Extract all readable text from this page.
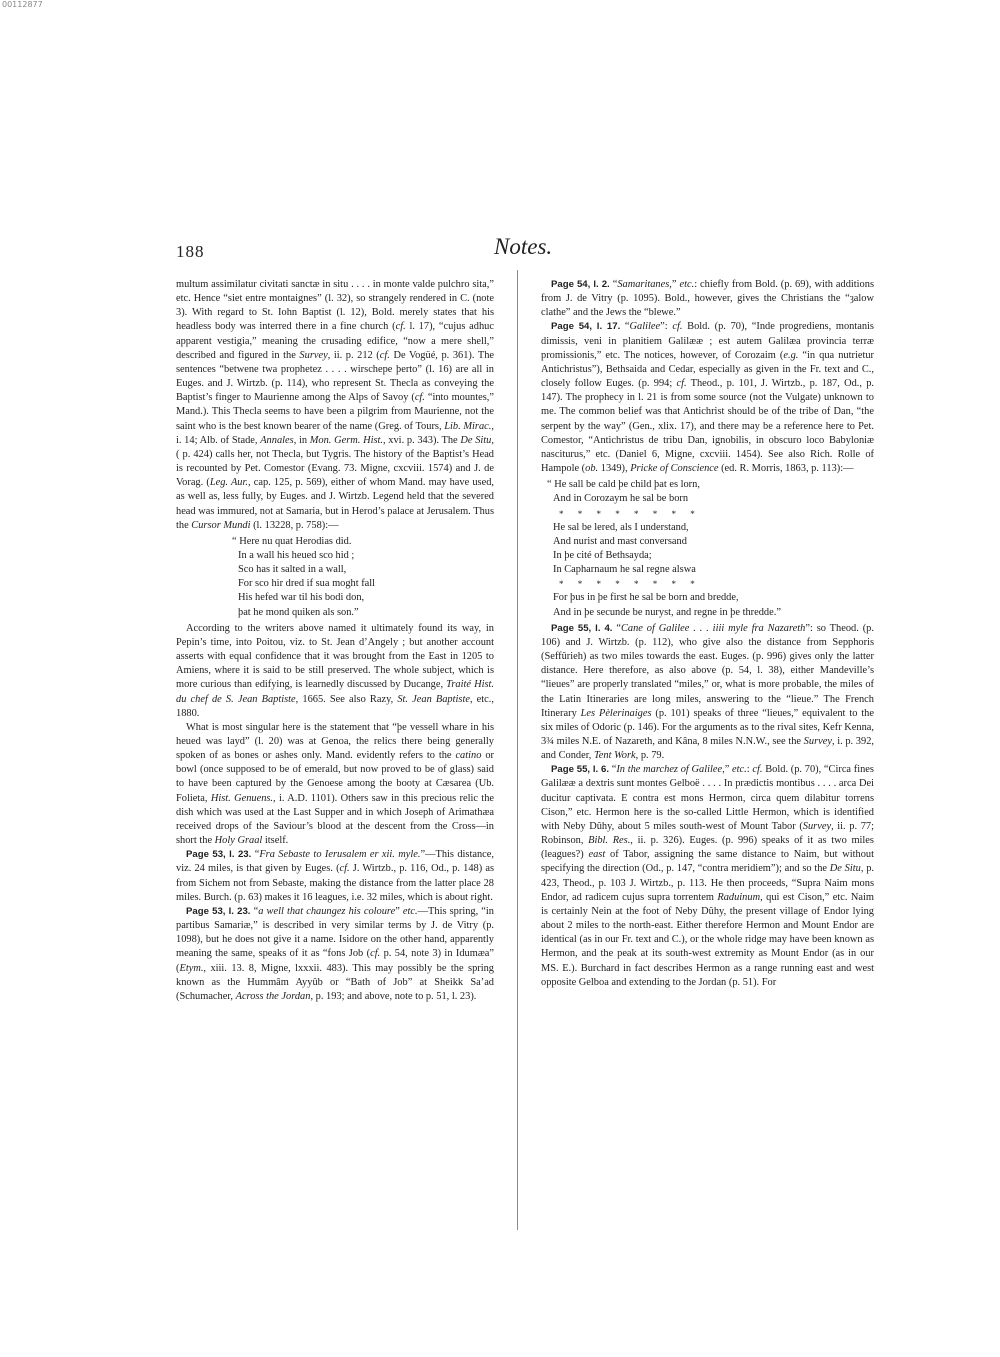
00112877
188	Notes.

multum assimilatur civitati sanctæ in situ . . . . in monte valde pulchro sita,” etc. Hence “siet entre montaignes” (l. 32), so strangely rendered in C. (note 3). With regard to St. Iohn Baptist (l. 12), Bold. merely states that his headless body was interred there in a fine church (cf. l. 17), “cujus adhuc apparent vestigia,” meaning the crusading edifice, “now a mere shell,” described and figured in the Survey, ii. p. 212 (cf. De Vogüé, p. 361). The sentences “betwene twa prophetez . . . . wirschepe þerto” (l. 16) are all in Euges. and J. Wirtzb. (p. 114), who represent St. Thecla as conveying the Baptist’s finger to Maurienne among the Alps of Savoy (cf. “into mountes,” Mand.). This Thecla seems to have been a pilgrim from Maurienne, not the saint who is the best known bearer of the name (Greg. of Tours, Lib. Mirac., i. 14; Alb. of Stade, Annales, in Mon. Germ. Hist., xvi. p. 343). The De Situ, ( p. 424) calls her, not Thecla, but Tygris. The history of the Baptist’s Head is recounted by Pet. Comestor (Evang. 73. Migne, cxcviii. 1574) and J. de Vorag. (Leg. Aur., cap. 125, p. 569), either of whom Mand. may have used, as well as, less fully, by Euges. and J. Wirtzb. Legend held that the severed head was immured, not at Samaria, but in Herod’s palace at Jerusalem. Thus the Cursor Mundi (l. 13228, p. 758):—

“ Here nu quat Herodias did.
In a wall his heued sco hid ;
Sco has it salted in a wall,
For sco hir dred if sua moght fall
His hefed war til his bodi don,
þat he mond quiken als son.”

According to the writers above named it ultimately found its way, in Pepin’s time, into Poitou, viz. to St. Jean d’Angely ; but another account asserts with equal confidence that it was brought from the East in 1205 to Amiens, where it is said to be still preserved. The whole subject, which is more curious than edifying, is learnedly discussed by Ducange, Traité Hist. du chef de S. Jean Baptiste, 1665. See also Razy, St. Jean Baptiste, etc., 1880.

What is most singular here is the statement that “þe vessell whare in his heued was layd” (l. 20) was at Genoa, the relics there being generally spoken of as bones or ashes only. Mand. evidently refers to the catino or bowl (once supposed to be of emerald, but now proved to be of glass) said to have been captured by the Genoese among the booty at Cæsarea (Ub. Folieta, Hist. Genuens., i. A.D. 1101). Others saw in this precious relic the dish which was used at the Last Supper and in which Joseph of Arimathæa received drops of the Saviour’s blood at the descent from the Cross—in short the Holy Graal itself.

Page 53, l. 23. “Fra Sebaste to Ierusalem er xii. myle.”—This distance, viz. 24 miles, is that given by Euges. (cf. J. Wirtzb., p. 116, Od., p. 148) as from Sichem not from Sebaste, making the distance from the latter place 28 miles. Burch. (p. 63) makes it 16 leagues, i.e. 32 miles, which is about right.

Page 53, l. 23. “a well that chaungez his coloure” etc.—This spring, “in partibus Samariæ,” is described in very similar terms by J. de Vitry (p. 1098), but he does not give it a name. Isidore on the other hand, apparently meaning the same, speaks of it as “fons Job (cf. p. 54, note 3) in Idumæa” (Etym., xiii. 13. 8, Migne, lxxxii. 483). This may possibly be the spring known as the Hummâm Ayyûb or “Bath of Job” at Sheikk Sa’ad (Schumacher, Across the Jordan, p. 193; and above, note to p. 51, l. 23).

Page 54, l. 2. “Samaritanes,” etc.: chiefly from Bold. (p. 69), with additions from J. de Vitry (p. 1095). Bold., however, gives the Christians the “ȝalow clathe” and the Jews the “blewe.”

Page 54, l. 17. “Galilee”: cf. Bold. (p. 70), “Inde progrediens, montanis dimissis, veni in planitiem Galilææ ; est autem Galilæa provincia terræ promissionis,” etc. The notices, however, of Corozaim (e.g. “in qua nutrietur Antichristus”), Bethsaida and Cedar, especially as given in the Fr. text and C., closely follow Euges. (p. 994; cf. Theod., p. 101, J. Wirtzb., p. 187, Od., p. 147). The prophecy in l. 21 is from some source (not the Vulgate) unknown to me. The common belief was that Antichrist should be of the tribe of Dan, “the serpent by the way” (Gen., xlix. 17), and there may be a reference here to Pet. Comestor, “Antichristus de tribu Dan, ignobilis, in obscuro loco Babyloniæ nasciturus,” etc. (Daniel 6, Migne, cxcviii. 1454). See also Rich. Rolle of Hampole (ob. 1349), Pricke of Conscience (ed. R. Morris, 1863, p. 113):—

“ He sall be cald þe child þat es lorn,
And in Corozaym he sal be born
* * * * * * * *
He sal be lered, als I understand,
And nurist and mast conversand
In þe cité of Bethsayda;
In Capharnaum he sal regne alswa
* * * * * * * *
For þus in þe first he sal be born and bredde,
And in þe secunde be nuryst, and regne in þe thredde.”

Page 55, l. 4. “Cane of Galilee . . . iiii myle fra Nazareth”: so Theod. (p. 106) and J. Wirtzb. (p. 112), who give also the distance from Sepphoris (Seffûrieh) as two miles towards the east. Euges. (p. 996) gives only the latter distance. Here therefore, as also above (p. 54, l. 38), either Mandeville’s “lieues” are properly translated “miles,” or, what is more probable, the miles of the Latin Itineraries are long miles, answering to the “lieue.” The French Itinerary Les Pèlerinaiges (p. 101) speaks of three “lieues,” equivalent to the six miles of Odoric (p. 146). For the arguments as to the rival sites, Kefr Kenna, 3¾ miles N.E. of Nazareth, and Kâna, 8 miles N.N.W., see the Survey, i. p. 392, and Conder, Tent Work, p. 79.

Page 55, l. 6. “In the marchez of Galilee,” etc.: cf. Bold. (p. 70), “Circa fines Galilææ a dextris sunt montes Gelboë . . . . In prædictis montibus . . . . arca Dei ducitur captivata. E contra est mons Hermon, circa quem dilabitur torrens Cison,” etc. Hermon here is the so-called Little Hermon, which is identified with Neby Dûhy, about 5 miles south-west of Mount Tabor (Survey, ii. p. 77; Robinson, Bibl. Res., ii. p. 326). Euges. (p. 996) speaks of it as two miles (leagues?) east of Tabor, assigning the same distance to Naim, but without specifying the direction (Od., p. 147, “contra meridiem”); and so the De Situ, p. 423, Theod., p. 103 J. Wirtzb., p. 113. He then proceeds, “Supra Naim mons Endor, ad radicem cujus supra torrentem Raduinum, qui est Cison,” etc. Naim is certainly Nein at the foot of Neby Dûhy, the present village of Endor lying about 2 miles to the north-east. Either therefore Hermon and Mount Endor are identical (as in our Fr. text and C.), or the whole ridge may have been known as Hermon, and the peak at its south-west extremity as Mount Endor (as in our MS. E.). Burchard in fact describes Hermon as a range running east and west opposite Gelboa and extending to the Jordan (p. 51). For
